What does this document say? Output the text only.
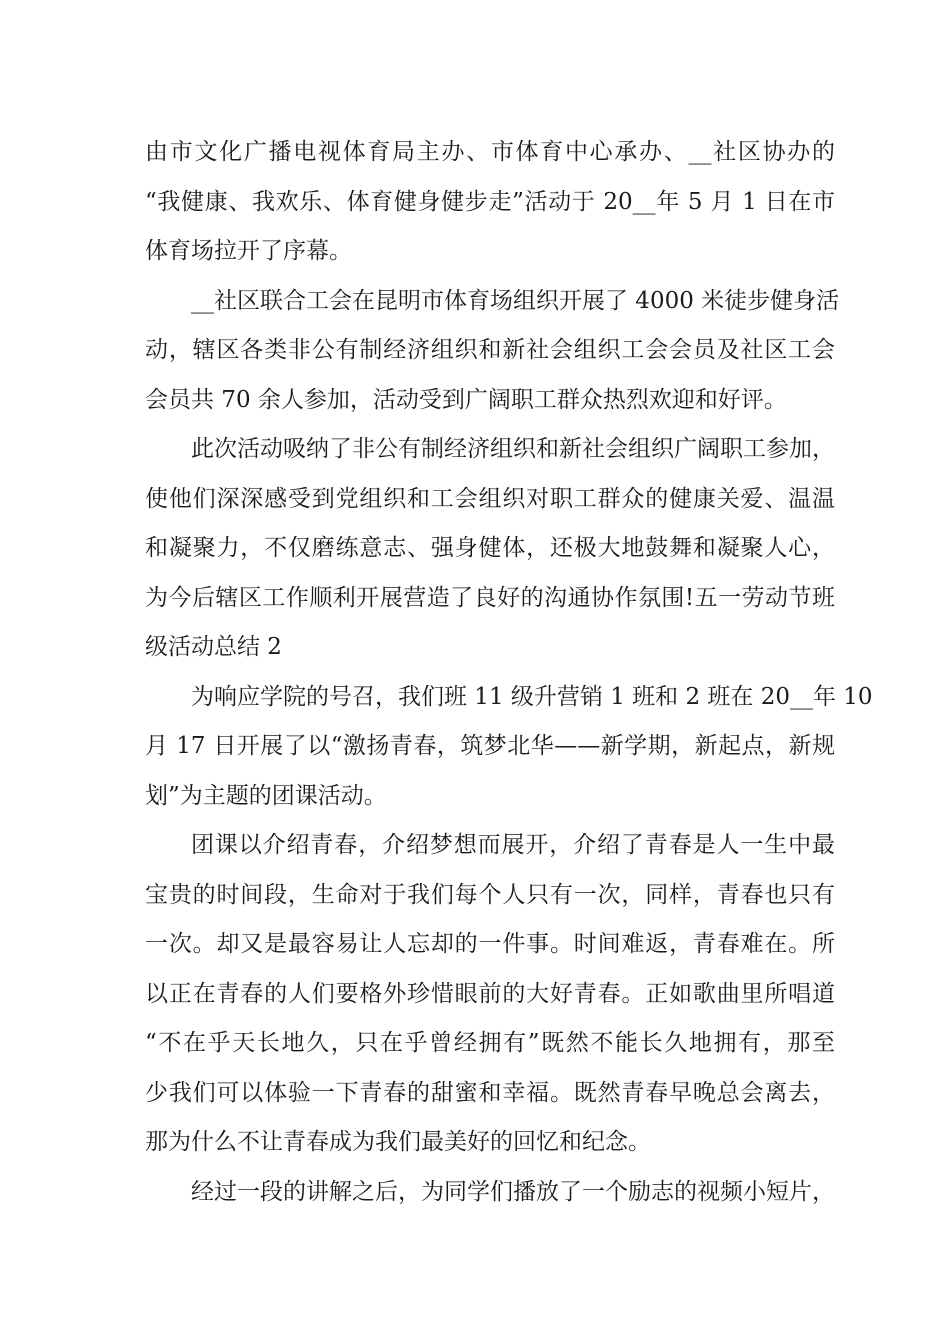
由市文化广播电视体育局主办、市体育中心承办、__社区协办的
“我健康、我欢乐、体育健身健步走”活动于 20__年 5 月 1 日在市
体育场拉开了序幕。
__社区联合工会在昆明市体育场组织开展了 4000 米徒步健身活
动，辖区各类非公有制经济组织和新社会组织工会会员及社区工会
会员共 70 余人参加，活动受到广阔职工群众热烈欢迎和好评。
此次活动吸纳了非公有制经济组织和新社会组织广阔职工参加，
使他们深深感受到党组织和工会组织对职工群众的健康关爱、温温
和凝聚力，不仅磨练意志、强身健体，还极大地鼓舞和凝聚人心，
为今后辖区工作顺利开展营造了良好的沟通协作氛围!五一劳动节班
级活动总结 2
为响应学院的号召，我们班 11 级升营销 1 班和 2 班在 20__年 10
月 17 日开展了以“激扬青春，筑梦北华——新学期，新起点，新规
划”为主题的团课活动。
团课以介绍青春，介绍梦想而展开，介绍了青春是人一生中最
宝贵的时间段，生命对于我们每个人只有一次，同样，青春也只有
一次。却又是最容易让人忘却的一件事。时间难返，青春难在。所
以正在青春的人们要格外珍惜眼前的大好青春。正如歌曲里所唱道
“不在乎天长地久，只在乎曾经拥有”既然不能长久地拥有，那至
少我们可以体验一下青春的甜蜜和幸福。既然青春早晚总会离去，
那为什么不让青春成为我们最美好的回忆和纪念。
经过一段的讲解之后，为同学们播放了一个励志的视频小短片，
